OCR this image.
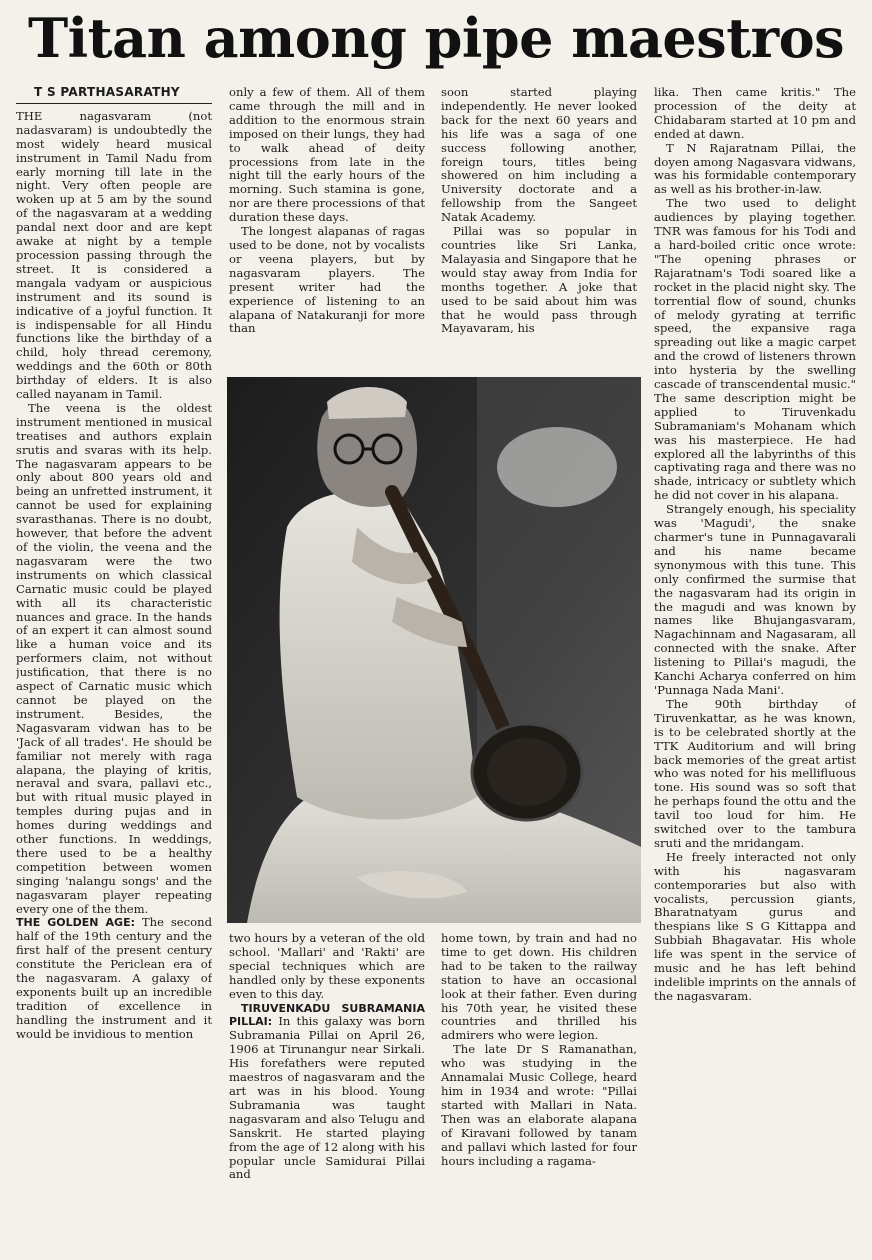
Titan among pipe maestros
T S PARTHASARATHY

THE nagasvaram (not nadasvaram) is undoubtedly the most widely heard musical instrument in Tamil Nadu from early morning till late in the night. Very often people are woken up at 5 am by the sound of the nagasvaram at a wedding pandal next door and are kept awake at night by a temple procession passing through the street. It is considered a mangala vadyam or auspicious instrument and its sound is indicative of a joyful function. It is indispensable for all Hindu functions like the birthday of a child, holy thread ceremony, weddings and the 60th or 80th birthday of elders. It is also called nayanam in Tamil.

The veena is the oldest instrument mentioned in musical treatises and authors explain srutis and svaras with its help. The nagasvaram appears to be only about 800 years old and being an unfretted instrument, it cannot be used for explaining svarasthanas. There is no doubt, however, that before the advent of the violin, the veena and the nagasvaram were the two instruments on which classical Carnatic music could be played with all its characteristic nuances and grace. In the hands of an expert it can almost sound like a human voice and its performers claim, not without justification, that there is no aspect of Carnatic music which cannot be played on the instrument. Besides, the Nagasvaram vidwan has to be 'Jack of all trades'. He should be familiar not merely with raga alapana, the playing of kritis, neraval and svara, pallavi etc., but with ritual music played in temples during pujas and in homes during weddings and other functions. In weddings, there used to be a healthy competition between women singing 'nalangu songs' and the nagasvaram player repeating every one of the them.

THE GOLDEN AGE: The second half of the 19th century and the first half of the present century constitute the Periclean era of the nagasvaram. A galaxy of exponents built up an incredible tradition of excellence in handling the instrument and it would be invidious to mention

only a few of them. All of them came through the mill and in addition to the enormous strain imposed on their lungs, they had to walk ahead of deity processions from late in the night till the early hours of the morning. Such stamina is gone, nor are there processions of that duration these days.

The longest alapanas of ragas used to be done, not by vocalists or veena players, but by nagasvaram players. The present writer had the experience of listening to an alapana of Natakuranji for more than

soon started playing independently. He never looked back for the next 60 years and his life was a saga of one success following another, foreign tours, titles being showered on him including a University doctorate and a fellowship from the Sangeet Natak Academy.

Pillai was so popular in countries like Sri Lanka, Malayasia and Singapore that he would stay away from India for months together. A joke that used to be said about him was that he would pass through Mayavaram, his

two hours by a veteran of the old school. 'Mallari' and 'Rakti' are special techniques which are handled only by these exponents even to this day.

TIRUVENKADU SUBRAMANIA PILLAI: In this galaxy was born Subramania Pillai on April 26, 1906 at Tirunangur near Sirkali. His forefathers were reputed maestros of nagasvaram and the art was in his blood. Young Subramania was taught nagasvaram and also Telugu and Sanskrit. He started playing from the age of 12 along with his popular uncle Samidurai Pillai and

home town, by train and had no time to get down. His children had to be taken to the railway station to have an occasional look at their father. Even during his 70th year, he visited these countries and thrilled his admirers who were legion.

The late Dr S Ramanathan, who was studying in the Annamalai Music College, heard him in 1934 and wrote: "Pillai started with Mallari in Nata. Then was an elaborate alapana of Kiravani followed by tanam and pallavi which lasted for four hours including a ragama-

lika. Then came kritis." The procession of the deity at Chidabaram started at 10 pm and ended at dawn.

T N Rajaratnam Pillai, the doyen among Nagasvara vidwans, was his formidable contemporary as well as his brother-in-law.

The two used to delight audiences by playing together. TNR was famous for his Todi and a hard-boiled critic once wrote: "The opening phrases or Rajaratnam's Todi soared like a rocket in the placid night sky. The torrential flow of sound, chunks of melody gyrating at terrific speed, the expansive raga spreading out like a magic carpet and the crowd of listeners thrown into hysteria by the swelling cascade of transcendental music." The same description might be applied to Tiruvenkadu Subramaniam's Mohanam which was his masterpiece. He had explored all the labyrinths of this captivating raga and there was no shade, intricacy or subtlety which he did not cover in his alapana.

Strangely enough, his speciality was 'Magudi', the snake charmer's tune in Punnagavarali and his name became synonymous with this tune. This only confirmed the surmise that the nagasvaram had its origin in the magudi and was known by names like Bhujangasvaram, Nagachinnam and Nagasaram, all connected with the snake. After listening to Pillai's magudi, the Kanchi Acharya conferred on him 'Punnaga Nada Mani'.

The 90th birthday of Tiruvenkattar, as he was known, is to be celebrated shortly at the TTK Auditorium and will bring back memories of the great artist who was noted for his mellifluous tone. His sound was so soft that he perhaps found the ottu and the tavil too loud for him. He switched over to the tambura sruti and the mridangam.

He freely interacted not only with his nagasvaram contemporaries but also with vocalists, percussion giants, Bharatnatyam gurus and thespians like S G Kittappa and Subbiah Bhagavatar. His whole life was spent in the service of music and he has left behind indelible imprints on the annals of the nagasvaram.
